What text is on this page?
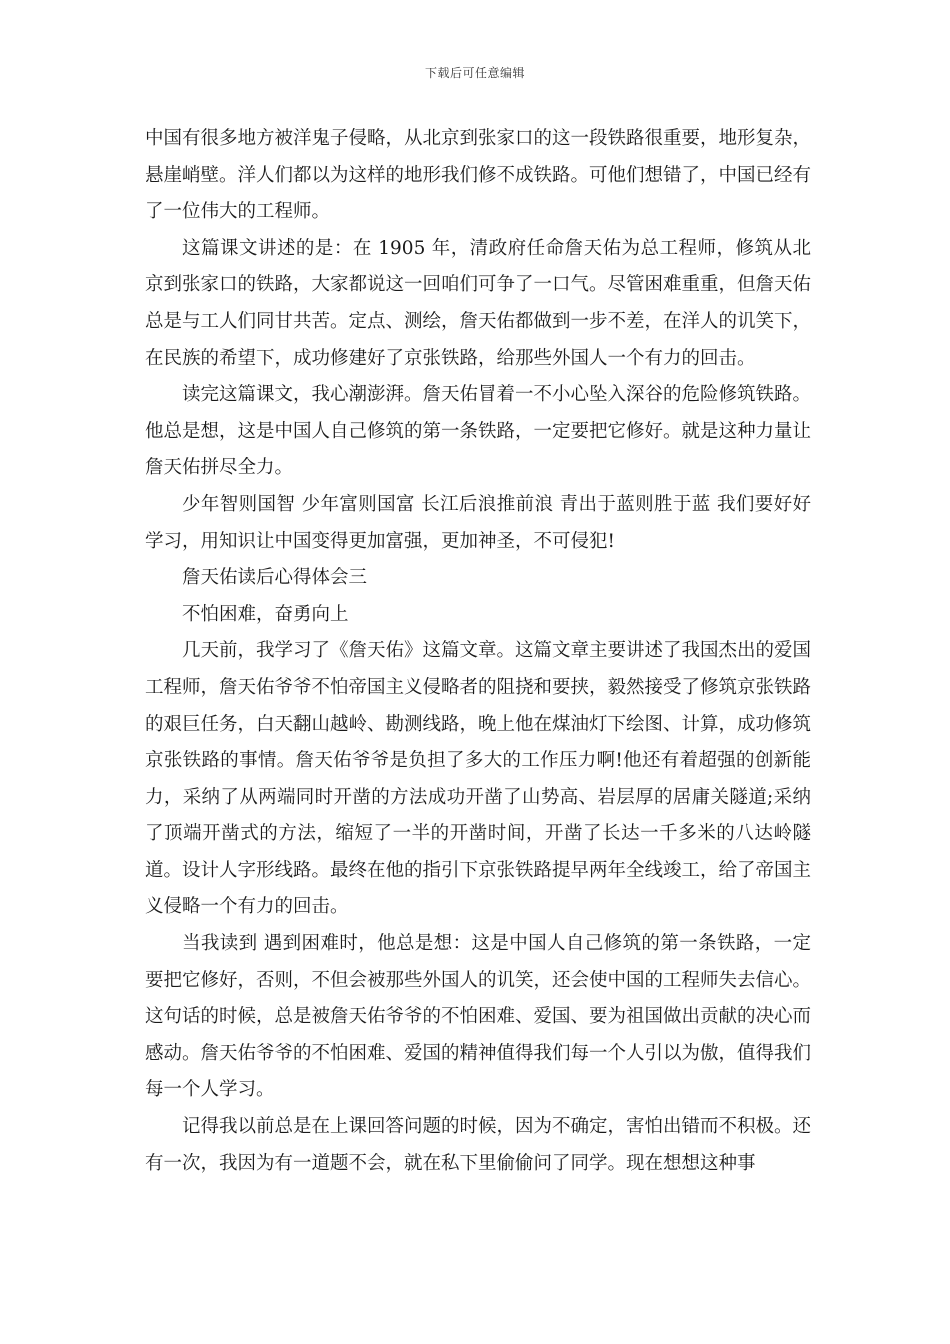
下载后可任意编辑

中国有很多地方被洋鬼子侵略，从北京到张家口的这一段铁路很重要，地形复杂，悬崖峭壁。洋人们都以为这样的地形我们修不成铁路。可他们想错了，中国已经有了一位伟大的工程师。

这篇课文讲述的是：在 1905 年，清政府任命詹天佑为总工程师，修筑从北京到张家口的铁路，大家都说这一回咱们可争了一口气。尽管困难重重，但詹天佑总是与工人们同甘共苦。定点、测绘，詹天佑都做到一步不差，在洋人的讥笑下，在民族的希望下，成功修建好了京张铁路，给那些外国人一个有力的回击。

读完这篇课文，我心潮澎湃。詹天佑冒着一不小心坠入深谷的危险修筑铁路。他总是想，这是中国人自己修筑的第一条铁路，一定要把它修好。就是这种力量让詹天佑拼尽全力。

少年智则国智 少年富则国富 长江后浪推前浪 青出于蓝则胜于蓝 我们要好好学习，用知识让中国变得更加富强，更加神圣，不可侵犯!

詹天佑读后心得体会三

不怕困难，奋勇向上

几天前，我学习了《詹天佑》这篇文章。这篇文章主要讲述了我国杰出的爱国工程师，詹天佑爷爷不怕帝国主义侵略者的阻挠和要挟，毅然接受了修筑京张铁路的艰巨任务，白天翻山越岭、勘测线路，晚上他在煤油灯下绘图、计算，成功修筑京张铁路的事情。詹天佑爷爷是负担了多大的工作压力啊!他还有着超强的创新能力，采纳了从两端同时开凿的方法成功开凿了山势高、岩层厚的居庸关隧道;采纳了顶端开凿式的方法，缩短了一半的开凿时间，开凿了长达一千多米的八达岭隧道。设计人字形线路。最终在他的指引下京张铁路提早两年全线竣工，给了帝国主义侵略一个有力的回击。

当我读到 遇到困难时，他总是想：这是中国人自己修筑的第一条铁路，一定要把它修好，否则，不但会被那些外国人的讥笑，还会使中国的工程师失去信心。 这句话的时候，总是被詹天佑爷爷的不怕困难、爱国、要为祖国做出贡献的决心而感动。詹天佑爷爷的不怕困难、爱国的精神值得我们每一个人引以为傲，值得我们每一个人学习。

记得我以前总是在上课回答问题的时候，因为不确定，害怕出错而不积极。还有一次，我因为有一道题不会，就在私下里偷偷问了同学。现在想想这种事
